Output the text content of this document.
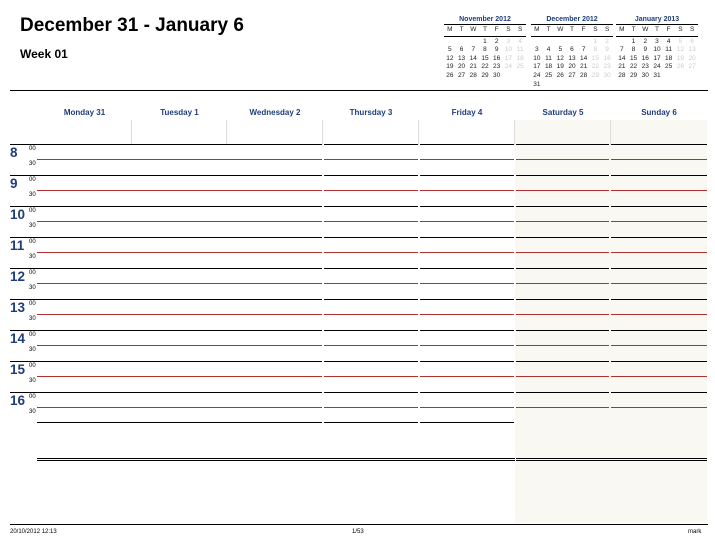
December 31 - January 6
Week 01
November 2012
M	T	W	T	F	S	S
			1	2	3	4
5	6	7	8	9	10	11
12	13	14	15	16	17	18
19	20	21	22	23	24	25
26	27	28	29	30		
December 2012
M	T	W	T	F	S	S
					1	2
3	4	5	6	7	8	9
10	11	12	13	14	15	16
17	18	19	20	21	22	23
24	25	26	27	28	29	30
31						
January 2013
M	T	W	T	F	S	S
	1	2	3	4	5	6
7	8	9	10	11	12	13
14	15	16	17	18	19	20
21	22	23	24	25	26	27
28	29	30	31			
Monday 31	Tuesday 1	Wednesday 2	Thursday 3	Friday 4	Saturday 5	Sunday 6
8 00
30
9 00
30
10 00
30
11 00
30
12 00
30
13 00
30
14 00
30
15 00
30
16 00
30
20/10/2012 12:13	1/53	mark
